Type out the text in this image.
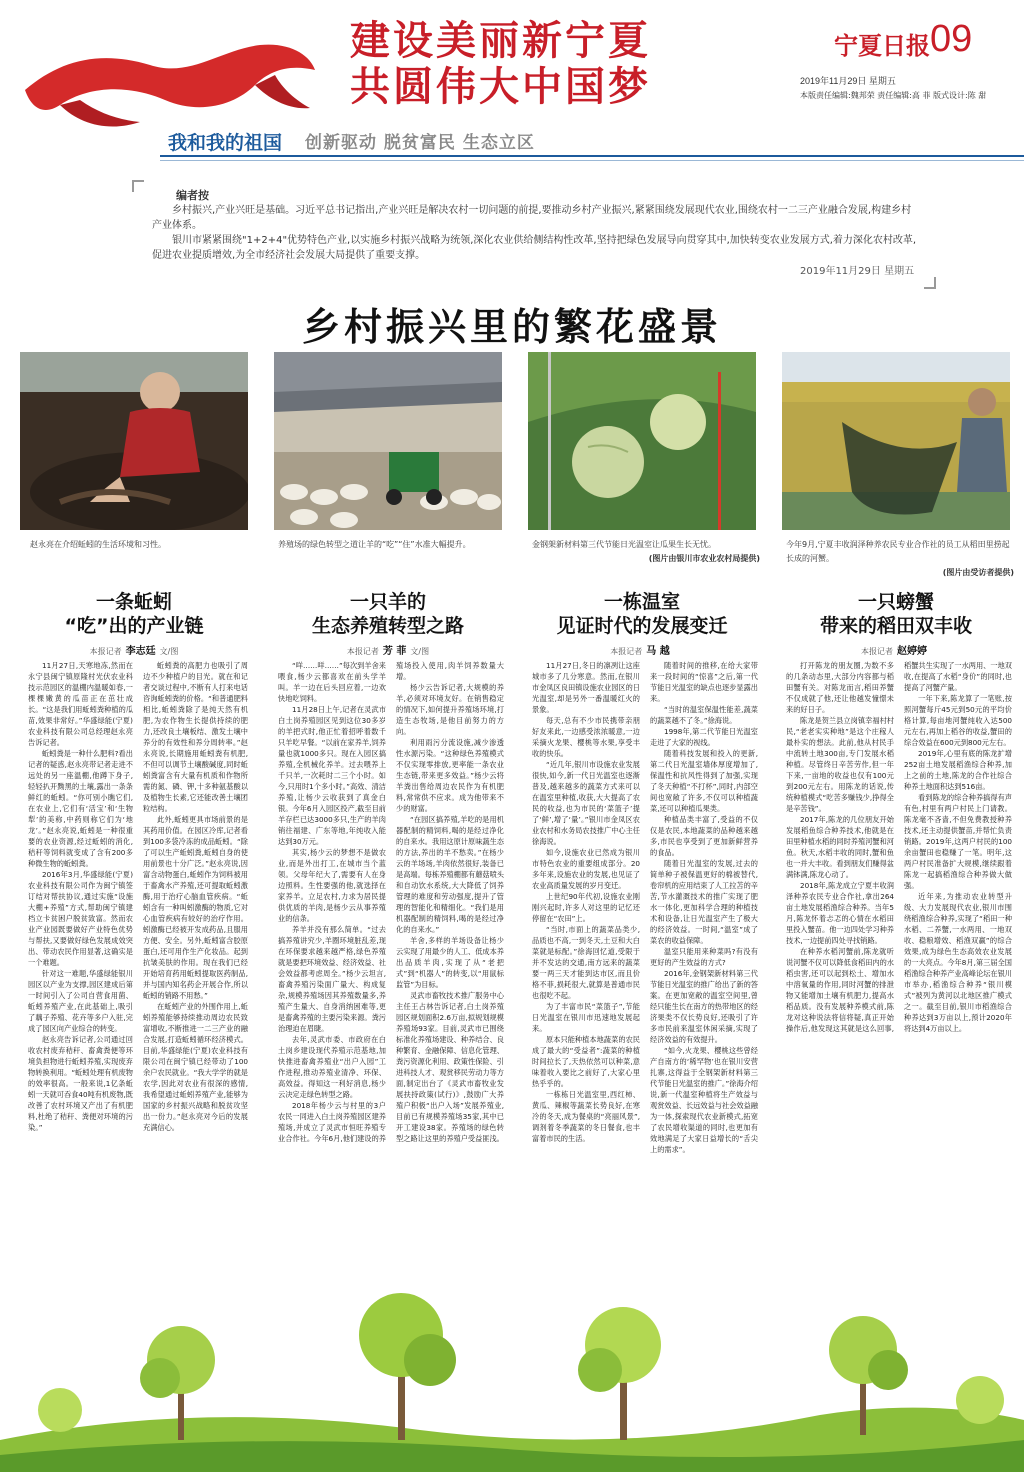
建设美丽新宁夏
共圆伟大中国梦
宁夏日报 09
2019年11月29日 星期五
本版责任编辑:魏邦荣 责任编辑:高 菲 版式设计:陈 甜
我和我的祖国	创新驱动 脱贫富民 生态立区
编者按

乡村振兴,产业兴旺是基础。习近平总书记指出,产业兴旺是解决农村一切问题的前提,要推动乡村产业振兴,紧紧围绕发展现代农业,围绕农村一二三产业融合发展,构建乡村产业体系。

银川市紧紧围绕"1+2+4"优势特色产业,以实施乡村振兴战略为统领,深化农业供给侧结构性改革,坚持把绿色发展导向贯穿其中,加快转变农业发展方式,着力深化农村改革,促进农业提质增效,为全市经济社会发展大局提供了重要支撑。

2019年11月29日 星期五
乡村振兴里的繁花盛景
赵永亮在介绍蚯蚓的生活环境和习性。	养殖场的绿色转型之道让羊的“吃”“住”水准大幅提升。	金钢架新材料第三代节能日光温室让瓜果生长无忧。
(图片由银川市农业农村局提供)
今年9月,宁夏丰收润泽种养农民专业合作社的员工从稻田里捞起长成的河蟹。
(图片由受访者提供)
一条蚯蚓
“吃”出的产业链
一只羊的
生态养殖转型之路
一栋温室
见证时代的发展变迁
一只螃蟹
带来的稻田双丰收
本报记者 李志廷 文/图	本报记者 芳 菲 文/图	本报记者 马 越	本报记者 赵婷婷

11月27日,天寒地冻,然而在永宁县闽宁镇原隆村光伏农业科技示范园区的温棚内温暖如春,一棵棵嫩黄的瓜苗正在茁壮成长。“这是我们用蚯蚓粪种植的瓜苗,效果非常好。”华盛绿能(宁夏)农业科技有限公司总经理赵永亮告诉记者。

蚯蚓粪是一种什么肥料?看出记者的疑惑,赵永亮带记者走进不远处的另一座温棚,他蹲下身子,轻轻扒开黝黑的土壤,露出一条条鲜红的蚯蚓。“你可别小瞧它们,在农业上,它们有‘活宝’和‘生物犁’的美称,中药则称它们为‘地龙’。”赵永亮说,蚯蚓是一种很重要的农业资源,经过蚯蚓的消化,秸秆等饲料就变成了含有200多种微生物的蚯蚓粪。

2016年3月,华盛绿能(宁夏)农业科技有限公司作为闽宁镇签订结对帮扶协议,通过实施“设施大棚+养殖”方式,帮助闽宁镇建档立卡贫困户脱贫致富。然而农业产业园既要做好产业特色优势与帮扶,又要做好绿色发展成效突出、带动农民作用显著,这确实是一个难题。

针对这一难题,华盛绿能银川园区以产业为支撑,园区建成后第一时间引入了公司自营食用菌、蚯蚓养殖产业,在此基础上,吸引了藕子养殖、花卉等多户入驻,完成了园区向产业综合的转变。

赵永亮告诉记者,公司通过回收农村废弃秸秆、畜禽粪便等环境负担物进行蚯蚓养殖,实现废弃物转换利用。“蚯蚓处理有机废物的效率很高。一般来说,1亿条蚯蚓一天就可吞食40吨有机废物,既改善了农村环境又产出了有机肥料,杜绝了秸秆、粪便对环境的污染。”

蚯蚓粪的高肥力也吸引了周边不少种植户的目光。就在和记者交谈过程中,不断有人打来电话咨询蚯蚓粪的价格。“和普通肥料相比,蚯蚓粪除了是纯天然有机肥,为农作物生长提供持续的肥力,还改良土壤板结、激发土壤中养分的有效性和养分周转率。”赵永亮说,长期施用蚯蚓粪有机肥,不但可以调节土壤酸碱度,同时蚯蚓粪富含有大量有机质和作物所需的氮、磷、钾,十多种氨基酸以及植物生长素,它还能改善土壤团粒结构。

此外,蚯蚓更具市场前景的是其药用价值。在园区冷库,记者看到100多袋冷冻的成品蚯蚓。“除了可以生产蚯蚓粪,蚯蚓自身的使用前景也十分广泛。”赵永亮说,因富含动物蛋白,蚯蚓作为饲料被用于畜禽水产养殖,还可提取蚯蚓激酶,用于治疗心脑血管疾病。“蚯蚓含有一种叫蚓激酶的物质,它对心血管疾病有较好的治疗作用。蚓激酶已经被开发成药品,且服用方便、安全。另外,蚯蚓富含胶原蛋白,还可用作生产化妆品。起到抗皱美肤的作用。现在我们已经开始培育药用蚯蚓提取医药制品,并与国内知名药企开展合作,所以蚯蚓的销路不用愁。”

在蚯蚓产业的外围作用上,蚯蚓养殖能够持续推动周边农民致富增收,不断推进一二三产业的融合发展,打造蚯蚓循环经济模式。目前,华盛绿能(宁夏)农业科技有限公司在闽宁镇已经带动了100余户农民就业。“我大学学的就是农学,因此对农业有很深的感情,我希望通过蚯蚓养殖产业,能够为国家的乡村振兴战略和脱贫攻坚出一份力。”赵永亮对今后的发展充满信心。

“咩……咩……”每次到羊舍来喂食,杨少云都喜欢在前头学羊叫。羊一边在后头回应着,一边欢快地吃饲料。

11月28日上午,记者在灵武市白土岗养殖园区见到这位30多岁的羊把式时,他正忙着招呼着数千只羊吃早餐。“以前在家养羊,饲养量也就1000多只。现在入园区搞养殖,全机械化养羊。过去喂养上千只羊,一次耗时二三个小时。如今,只用时1个多小时。”高效、清洁养殖,让杨少云收获到了真金白银。今年6月入园区投产,截至目前羊存栏已达3000多只,生产的羊肉销往福建、广东等地,年纯收入能达到30万元。

其实,杨少云的梦想不是做农业,而是外出打工,在城市当个蓝领。父母年纪大了,需要有人在身边照料。生性要强的他,就选择在家养羊。立足农村,力求为居民提供优质的羊肉,是杨少云从事养殖业的信条。

养羊并没有那么简单。“过去搞养殖讲究少,羊圈环境脏乱差,现在环保要求越来越严格,绿色养殖就是要把环境效益、经济效益、社会效益都考虑周全。”杨少云坦言,畜禽养殖污染面广量大、构成复杂,规模养殖场因其养殖数量多,养殖产生量大、自身消纳困难等,更是畜禽养殖的主要污染来源。粪污治理迫在眉睫。

去年,灵武市委、市政府在白土岗乡建设现代养殖示范基地,加快推进畜禽养殖业“出户入园”工作进程,推动养殖业清净、环保、高效益。得知这一利好消息,杨少云决定走绿色转型之路。

2018年杨少云与村里的3户农民一同进入白土岗养殖园区建养殖场,并成立了灵武市恒旺养殖专业合作社。今年6月,他们建设的养殖场投入使用,肉羊饲养数量大增。

杨少云告诉记者,大规模的养羊,必须对环境友好。在销售稳定的情况下,如何提升养殖场环境,打造生态牧场,是他目前努力的方向。

利用雨污分流设施,减少渗透性水源污染。“这种绿色养殖模式不仅实现零排放,更率能一条农业生态链,带来更多效益。”杨少云将羊粪出售给周边农民作为有机肥料,常常供不应求。成为他带来不少的财富。

“在园区搞养殖,羊吃的是用机器配制的精饲料,喝的是经过净化的自来水。我用这原计原味蔬生态的方法,养出的羊不愁卖。”在杨少云的羊场场,羊肉依然很好,装备已是高端。每栋养殖棚都有蘑菇喷头和自动饮水系统,大大降低了饲养管理的难度和劳动强度,提升了管理的智能化和精细化。“我们是用机器配制的精饲料,喝的是经过净化的自来水。”

羊舍,多样的羊场设备让杨少云实现了用最少的人工、低成本养出品质羊肉,实现了从“老把式”到“机器人”的转变,以“用鼠标监管”为目标。

灵武市畜牧技术推广服务中心主任王占林告诉记者,白土岗养殖园区规划面积2.6万亩,拟规划规模养殖场93家。目前,灵武市已围绕标准化养殖场建设、种养结合、良种繁育、金融保障、信息化管理、粪污资源化利用、政策性保险、引进科技人才、观赏移民劳动力等方面,制定出台了《灵武市畜牧业发展扶持政策(试行)》,鼓励广大养殖户积极“出户入场”发展养殖业,目前已有规模养殖场35家,其中已开工建设38家。养殖场的绿色转型之路让这里的养殖户受益匪浅。

11月27日,冬日的凛冽让这座城市多了几分寒意。然而,在银川市金凤区良田镇设施农业园区的日光温室,却是另外一番温暖红火的景象。

每天,总有不少市民携带亲朋好友来此,一边感受浓浓暖意,一边采摘火龙果、樱桃等水果,享受丰收的快乐。

“近几年,银川市设施农业发展很快,如今,新一代日光温室也逐渐普及,越来越多的蔬菜方式来可以在温室里种植,收获,大大提高了农民的收益,也为市民的‘菜篮子’提了‘鲜’,增了‘量’。”银川市金凤区农业农村和水务局农技推广中心主任徐海说。

如今,设施农业已然成为银川市特色农业的重要组成部分。20多年来,设施农业的发展,也见证了农业高质量发展的岁月变迁。

上世纪90年代初,设施农业刚刚兴起时,许多人对这里的记忆还停留在“农田”上。

“当时,市面上的蔬菜品类少,品质也不高,一到冬天,土豆和大白菜就是标配。”徐海回忆道,受限于并不发达的交通,南方远来的蔬菜要一两三天才能到达市区,而且价格不菲,损耗很大,就算是普通市民也很吃不起。

为了丰富市民“菜篮子”,节能日光温室在银川市迅速地发展起来。

原本只能种植本地蔬菜的农民成了最大的“受益者”:蔬菜的种植时间拉长了,天热依然可以种菜,意味着收入要比之前好了,大家心里热乎乎的。

一栋栋日光温室里,西红柿、黄瓜、辣椒等蔬菜长势良好,在寒冷的冬天,成为餐桌的“亮丽风景”,调剂着冬季蔬菜的冬日餐食,也丰富着市民的生活。

随着时间的推移,在给大家带来一段时间的“惊喜”之后,第一代节能日光温室的缺点也逐步显露出来。

“当时的温室保温性能差,蔬菜的蔬菜越不了冬。”徐海说。

1998年,第二代节能日光温室走进了大家的视线。

随着科技发展和投入的更新,第二代日光温室墙体厚度增加了,保温性和抗风性得到了加强,实现了冬天种植“不打杯”,同时,内部空间也宽敞了许多,不仅可以种植蔬菜,还可以种植瓜果类。

种植品类丰富了,受益的不仅仅是农民,本地蔬菜的品种越来越多,市民也享受到了更加新鲜营养的食品。

随着日光温室的发展,过去的简单种子被保温更好的棉被替代,卷帘机的应用结束了人工拉苫的辛苦,节水灌溉技术的推广实现了肥水一体化,更加科学合理的种植技术和设备,让日光温室产生了极大的经济效益。一时间,“温室”成了菜农的收益保障。

温室只能用来种菜吗?有没有更好的产生效益的方式?

2016年,金钢架新材料第三代节能日光温室的推广给出了新的答案。在更加宽敞的温室空间里,曾经只能生长在南方的热带地区的经济果类不仅长势良好,还吸引了许多市民前来温室休闲采摘,实现了经济效益的有效提升。

“如今,火龙果、樱桃这些曾经产自南方的‘稀罕物’也在银川安营扎寨,这得益于全钢架新材料第三代节能日光温室的推广。”徐海介绍说,新一代温室种植将生产效益与观赏效益、长远效益与社会效益融为一体,探索现代农业新模式,拓宽了农民增收渠道的同时,也更加有效地满足了大家日益增长的“舌尖上的需求”。

打开陈龙的朋友圈,为数不多的几条动态里,大部分内容都与稻田蟹有关。对陈龙而言,稻田养蟹不仅成就了他,还让他越发憧憬未来的好日子。

陈龙是贺兰县立岗镇幸福村村民,“老老实实种地”是这个庄稼人最朴实的想法。此前,他从村民手中流转土地300亩,专门发展水稻种植。尽管终日辛苦劳作,但一年下来,一亩地的收益也仅有100元到200元左右。用陈龙的话说,传统种植模式“吃苦多赚钱少,挣得全是辛苦钱”。

2017年,陈龙的几位朋友开始发展稻鱼综合种养技术,他就是在田里种植水稻的同时养殖河蟹和河鱼。秋天,水稻丰收的同时,蟹和鱼也一并大丰收。看到朋友们赚得盆满钵满,陈龙心动了。

2018年,陈龙成立宁夏丰收润泽种养农民专业合作社,拿出264亩土地发展稻渔综合种养。当年5月,陈龙怀着忐忑的心情在水稻田里投入蟹苗。他一边四处学习种养技术,一边提前四处寻找销路。

在种养水稻河蟹前,陈龙就听说河蟹不仅可以降低食稻田内的水稻虫害,还可以起到松土、增加水中溶氧量的作用,同时河蟹的排泄物又能增加土壤有机肥力,提高水稻品质。没有发展种养模式前,陈龙对这种说法将信将疑,真正开始操作后,他发现这其就是这么回事,稻蟹共生实现了一水两用、一地双收,在提高了水稻“身价”的同时,也提高了河蟹产量。

一年下来,陈龙算了一笔账,按照河蟹每斤45元到50元的平均价格计算,每亩地河蟹纯收入达500元左右,再加上稻谷的收益,蟹田的综合效益在600元到800元左右。

2019年,心里有底的陈龙扩增252亩土地发展稻渔综合种养,加上之前的土地,陈龙的合作社综合种养土地面积达到516亩。

看到陈龙的综合种养搞得有声有色,村里有两户村民上门请教。陈龙毫不吝啬,不但免费教授种养技术,还主动提供蟹苗,并帮忙负责销路。2019年,这两户村民的100余亩蟹田也稳赚了一笔。明年,这两户村民准备扩大规模,继续跟着陈龙一起搞稻渔综合种养做大做强。

近年来,为推动农业转型升级、大力发展现代农业,银川市围绕稻渔综合种养,实现了“稻田一种水稻、二养蟹,一水两用、一地双收、稳粮增效、稻渔双赢”的综合效果,成为绿色生态高效农业发展的一大亮点。今年8月,第三届全国稻渔综合种养产业高峰论坛在银川市举办,稻渔综合种养“银川模式”被列为黄河以北地区推广模式之一。截至目前,银川市稻渔综合种养达到3万亩以上,预计2020年将达到4万亩以上。
